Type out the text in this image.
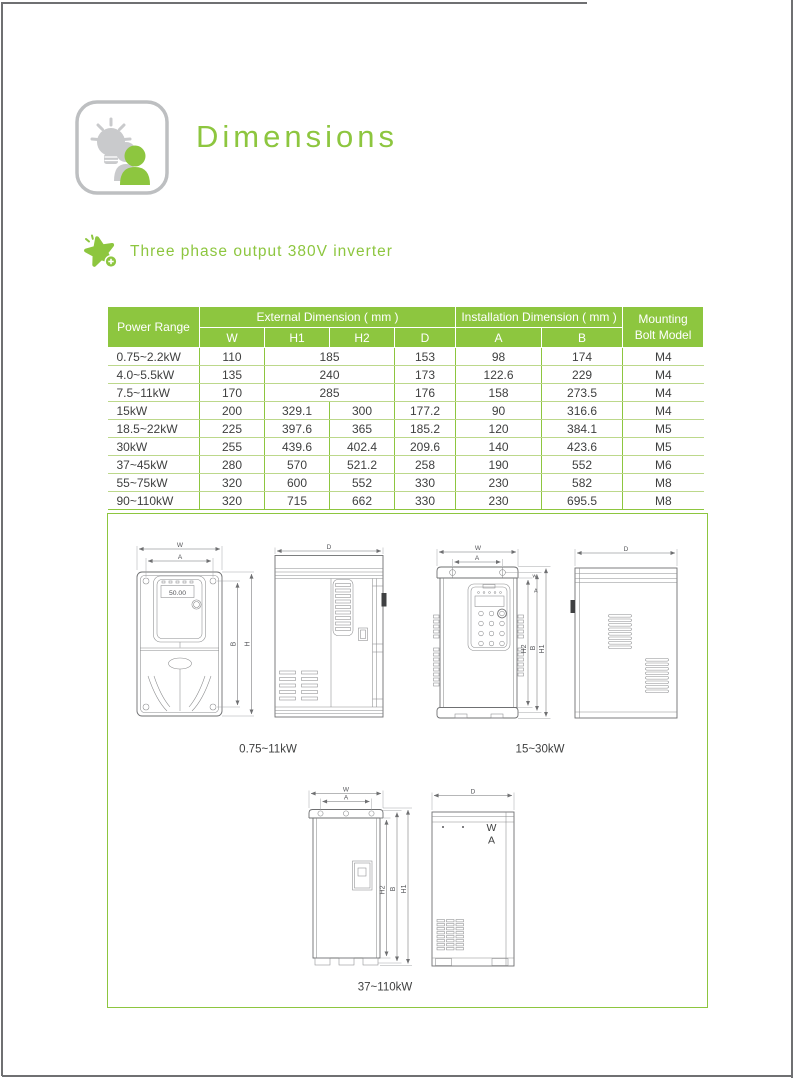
Dimensions
Three phase output 380V inverter
Power Range	External Dimension ( mm )				Installation Dimension ( mm )		Mounting
Bolt Model

	W	H1	H2	D	A	B	
0.75~2.2kW	110	185		153	98	174	M4
4.0~5.5kW	135	240		173	122.6	229	M4
7.5~11kW	170	285		176	158	273.5	M4
15kW	200	329.1	300	177.2	90	316.6	M4
18.5~22kW	225	397.6	365	185.2	120	384.1	M5
30kW	255	439.6	402.4	209.6	140	423.6	M5
37~45kW	280	570	521.2	258	190	552	M6
55~75kW	320	600	552	330	230	582	M8
90~110kW	320	715	662	330	230	695.5	M8
50.00
W
A
B H
D
0.75~11kW
W
A
H2 B H1
w
A
D
15~30kW
W
A
H2 B H1
W
A
D
37~110kW
